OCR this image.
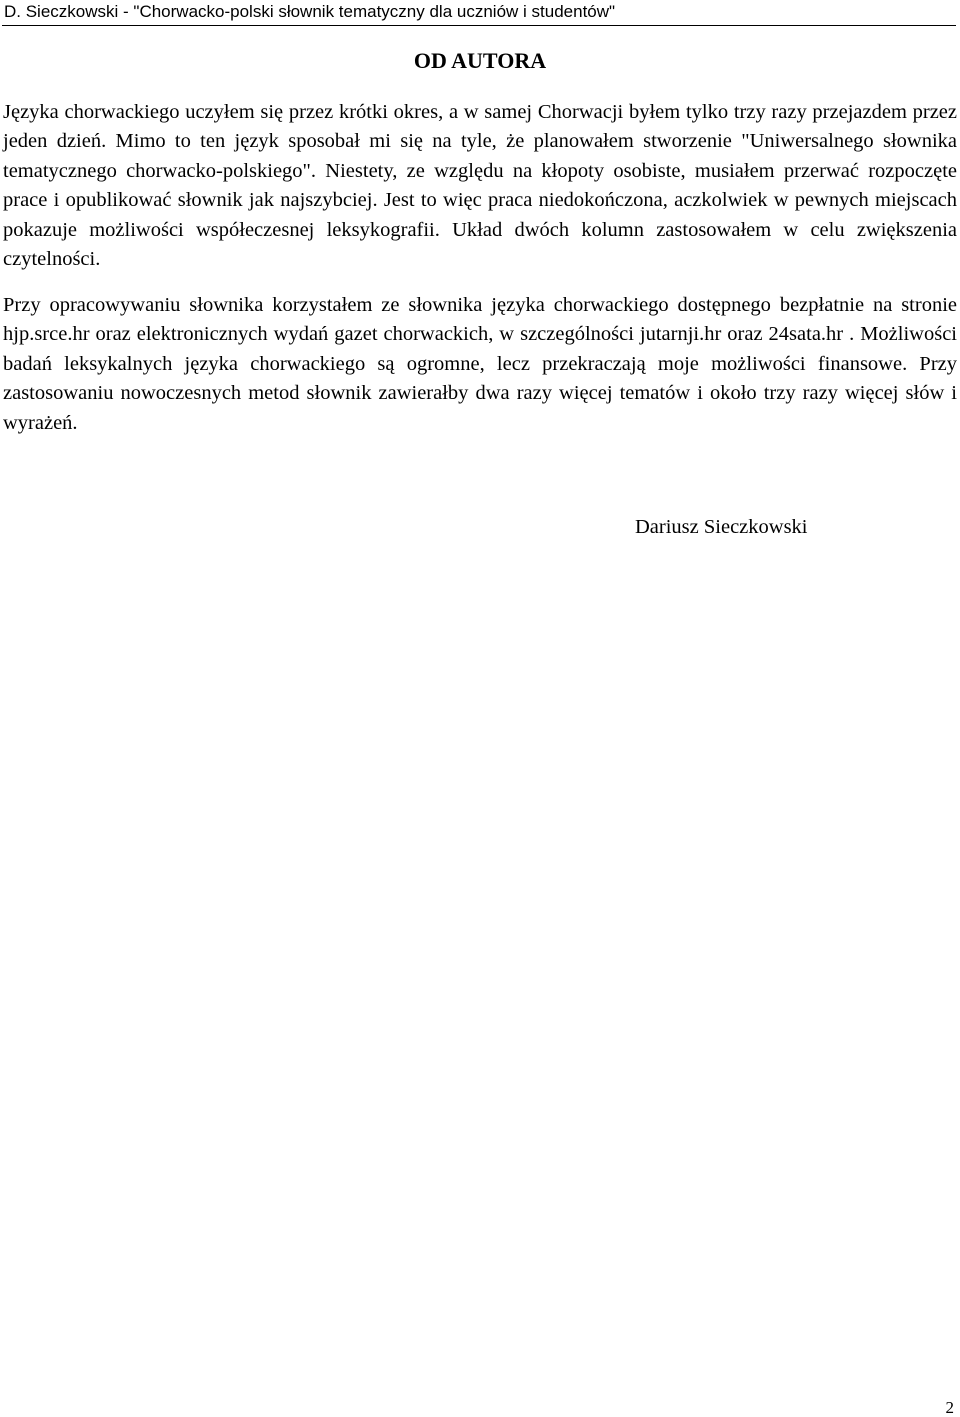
D. Sieczkowski - "Chorwacko-polski słownik tematyczny dla uczniów i studentów"
OD AUTORA

Języka chorwackiego uczyłem się przez krótki okres, a w samej Chorwacji byłem tylko trzy razy przejazdem przez jeden dzień. Mimo to ten język sposobał mi się na tyle, że planowałem stworzenie "Uniwersalnego słownika tematycznego chorwacko-polskiego". Niestety, ze względu na kłopoty osobiste, musiałem przerwać rozpoczęte prace i opublikować słownik jak najszybciej. Jest to więc praca niedokończona, aczkolwiek w pewnych miejscach pokazuje możliwości współeczesnej leksykografii. Układ dwóch kolumn zastosowałem w celu zwiększenia czytelności.

Przy opracowywaniu słownika korzystałem ze słownika języka chorwackiego dostępnego bezpłatnie na stronie hjp.srce.hr oraz elektronicznych wydań gazet chorwackich, w szczególności jutarnji.hr oraz 24sata.hr . Możliwości badań leksykalnych języka chorwackiego są ogromne, lecz przekraczają moje możliwości finansowe. Przy zastosowaniu nowoczesnych metod słownik zawierałby dwa razy więcej tematów i około trzy razy więcej słów i wyrażeń.

Dariusz Sieczkowski
2
